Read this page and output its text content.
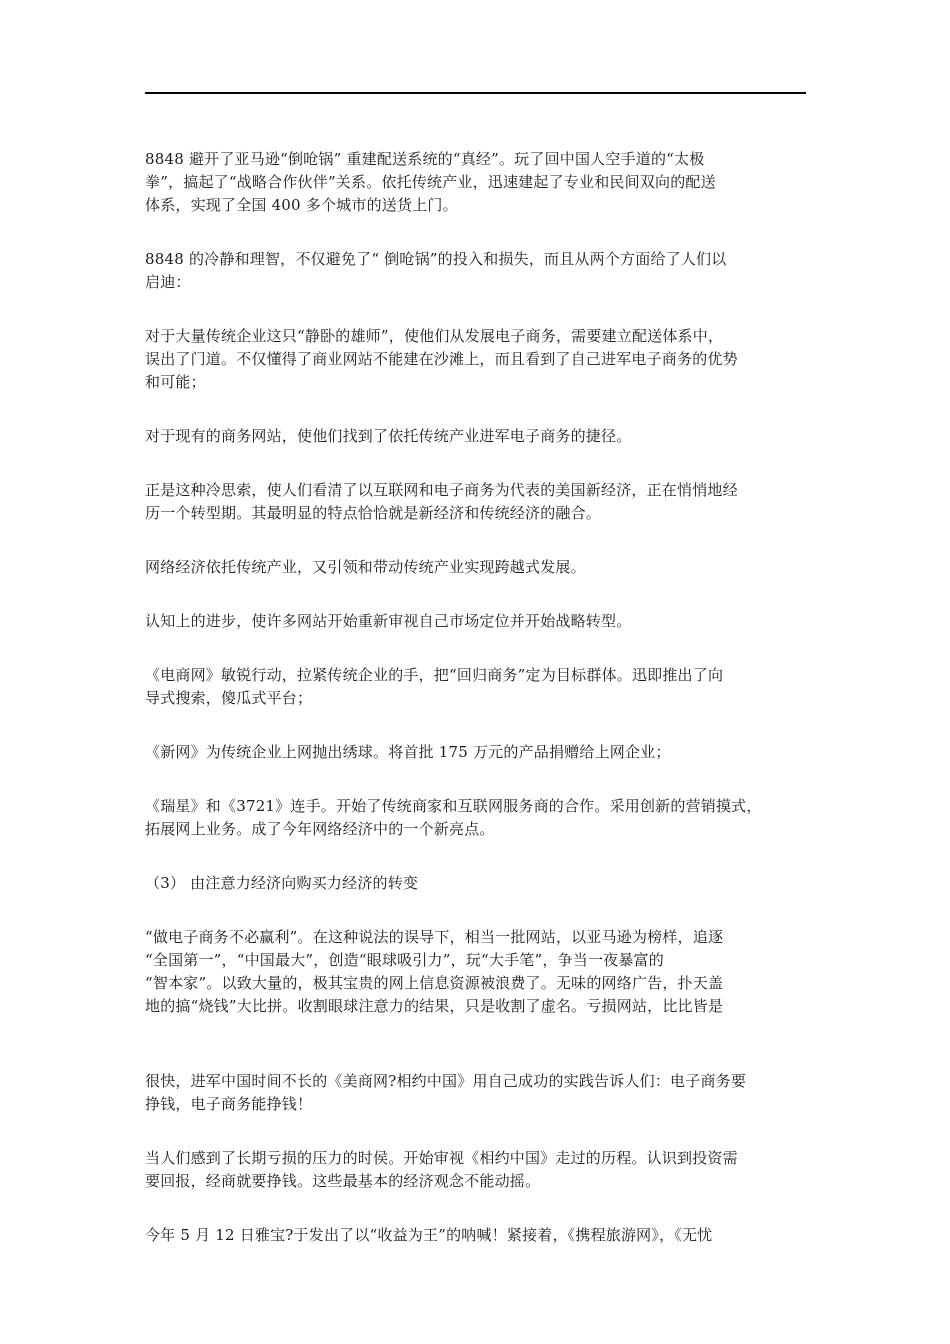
8848 避开了亚马逊“倒呛锅” 重建配送系统的“真经”。玩了回中国人空手道的“太极
拳”，搞起了“战略合作伙伴”关系。依托传统产业，迅速建起了专业和民间双向的配送
体系，实现了全国 400 多个城市的送货上门。

8848 的冷静和理智，不仅避免了“ 倒呛锅”的投入和损失，而且从两个方面给了人们以
启迪：

对于大量传统企业这只“静卧的雄师”，使他们从发展电子商务，需要建立配送体系中，
误出了门道。不仅懂得了商业网站不能建在沙滩上，而且看到了自己进军电子商务的优势
和可能；

对于现有的商务网站，使他们找到了依托传统产业进军电子商务的捷径。

正是这种冷思索，使人们看清了以互联网和电子商务为代表的美国新经济，正在悄悄地经
历一个转型期。其最明显的特点恰恰就是新经济和传统经济的融合。

网络经济依托传统产业，又引领和带动传统产业实现跨越式发展。

认知上的进步，使许多网站开始重新审视自己市场定位并开始战略转型。

《电商网》敏锐行动，拉紧传统企业的手，把“回归商务”定为目标群体。迅即推出了向
导式搜索，傻瓜式平台；

《新网》为传统企业上网抛出绣球。将首批 175 万元的产品捐赠给上网企业；

《瑞星》和《3721》连手。开始了传统商家和互联网服务商的合作。采用创新的营销摸式，
拓展网上业务。成了今年网络经济中的一个新亮点。

（3） 由注意力经济向购买力经济的转变

“做电子商务不必赢利”。在这种说法的误导下，相当一批网站，以亚马逊为榜样，追逐
“全国第一”，“中国最大”，创造“眼球吸引力”，玩“大手笔”，争当一夜暴富的
“智本家”。以致大量的，极其宝贵的网上信息资源被浪费了。无味的网络广告，扑天盖
地的搞“烧钱”大比拼。收割眼球注意力的结果，只是收割了虚名。亏损网站，比比皆是

很快，进军中国时间不长的《美商网?相约中国》用自己成功的实践告诉人们：电子商务要
挣钱，电子商务能挣钱！

当人们感到了长期亏损的压力的时侯。开始审视《相约中国》走过的历程。认识到投资需
要回报，经商就要挣钱。这些最基本的经济观念不能动摇。

今年 5 月 12 日雅宝?于发出了以“收益为王”的呐喊！紧接着，《携程旅游网》，《无忧
